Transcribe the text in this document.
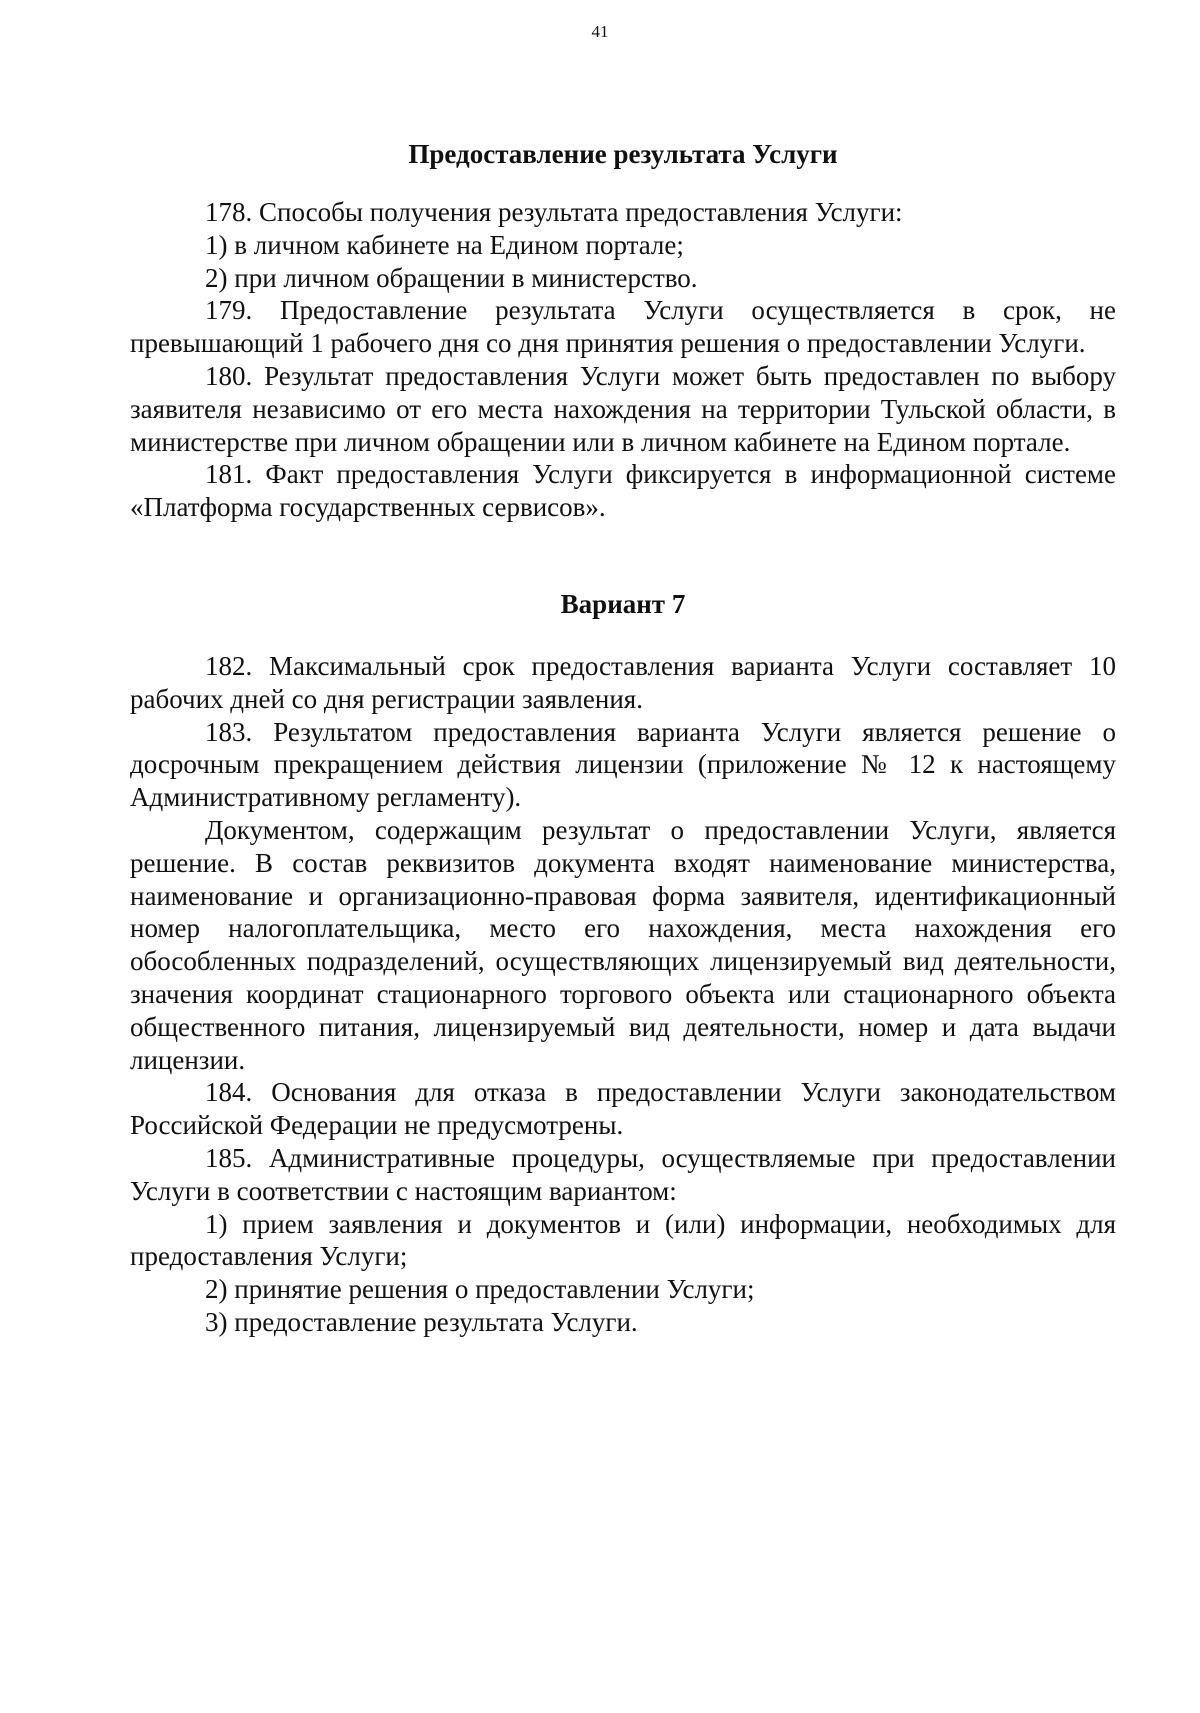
41

Предоставление результата Услуги

178. Способы получения результата предоставления Услуги:

1) в личном кабинете на Едином портале;

2) при личном обращении в министерство.

179. Предоставление результата Услуги осуществляется в срок, не превышающий 1 рабочего дня со дня принятия решения о предоставлении Услуги.

180. Результат предоставления Услуги может быть предоставлен по выбору заявителя независимо от его места нахождения на территории Тульской области, в министерстве при личном обращении или в личном кабинете на Едином портале.

181. Факт предоставления Услуги фиксируется в информационной системе «Платформа государственных сервисов».

Вариант 7

182. Максимальный срок предоставления варианта Услуги составляет 10 рабочих дней со дня регистрации заявления.

183. Результатом предоставления варианта Услуги является решение о досрочным прекращением действия лицензии (приложение № 12 к настоящему Административному регламенту).

Документом, содержащим результат о предоставлении Услуги, является решение. В состав реквизитов документа входят наименование министерства, наименование и организационно-правовая форма заявителя, идентификационный номер налогоплательщика, место его нахождения, места нахождения его обособленных подразделений, осуществляющих лицензируемый вид деятельности, значения координат стационарного торгового объекта или стационарного объекта общественного питания, лицензируемый вид деятельности, номер и дата выдачи лицензии.

184. Основания для отказа в предоставлении Услуги законодательством Российской Федерации не предусмотрены.

185. Административные процедуры, осуществляемые при предоставлении Услуги в соответствии с настоящим вариантом:

1) прием заявления и документов и (или) информации, необходимых для предоставления Услуги;

2) принятие решения о предоставлении Услуги;

3) предоставление результата Услуги.
